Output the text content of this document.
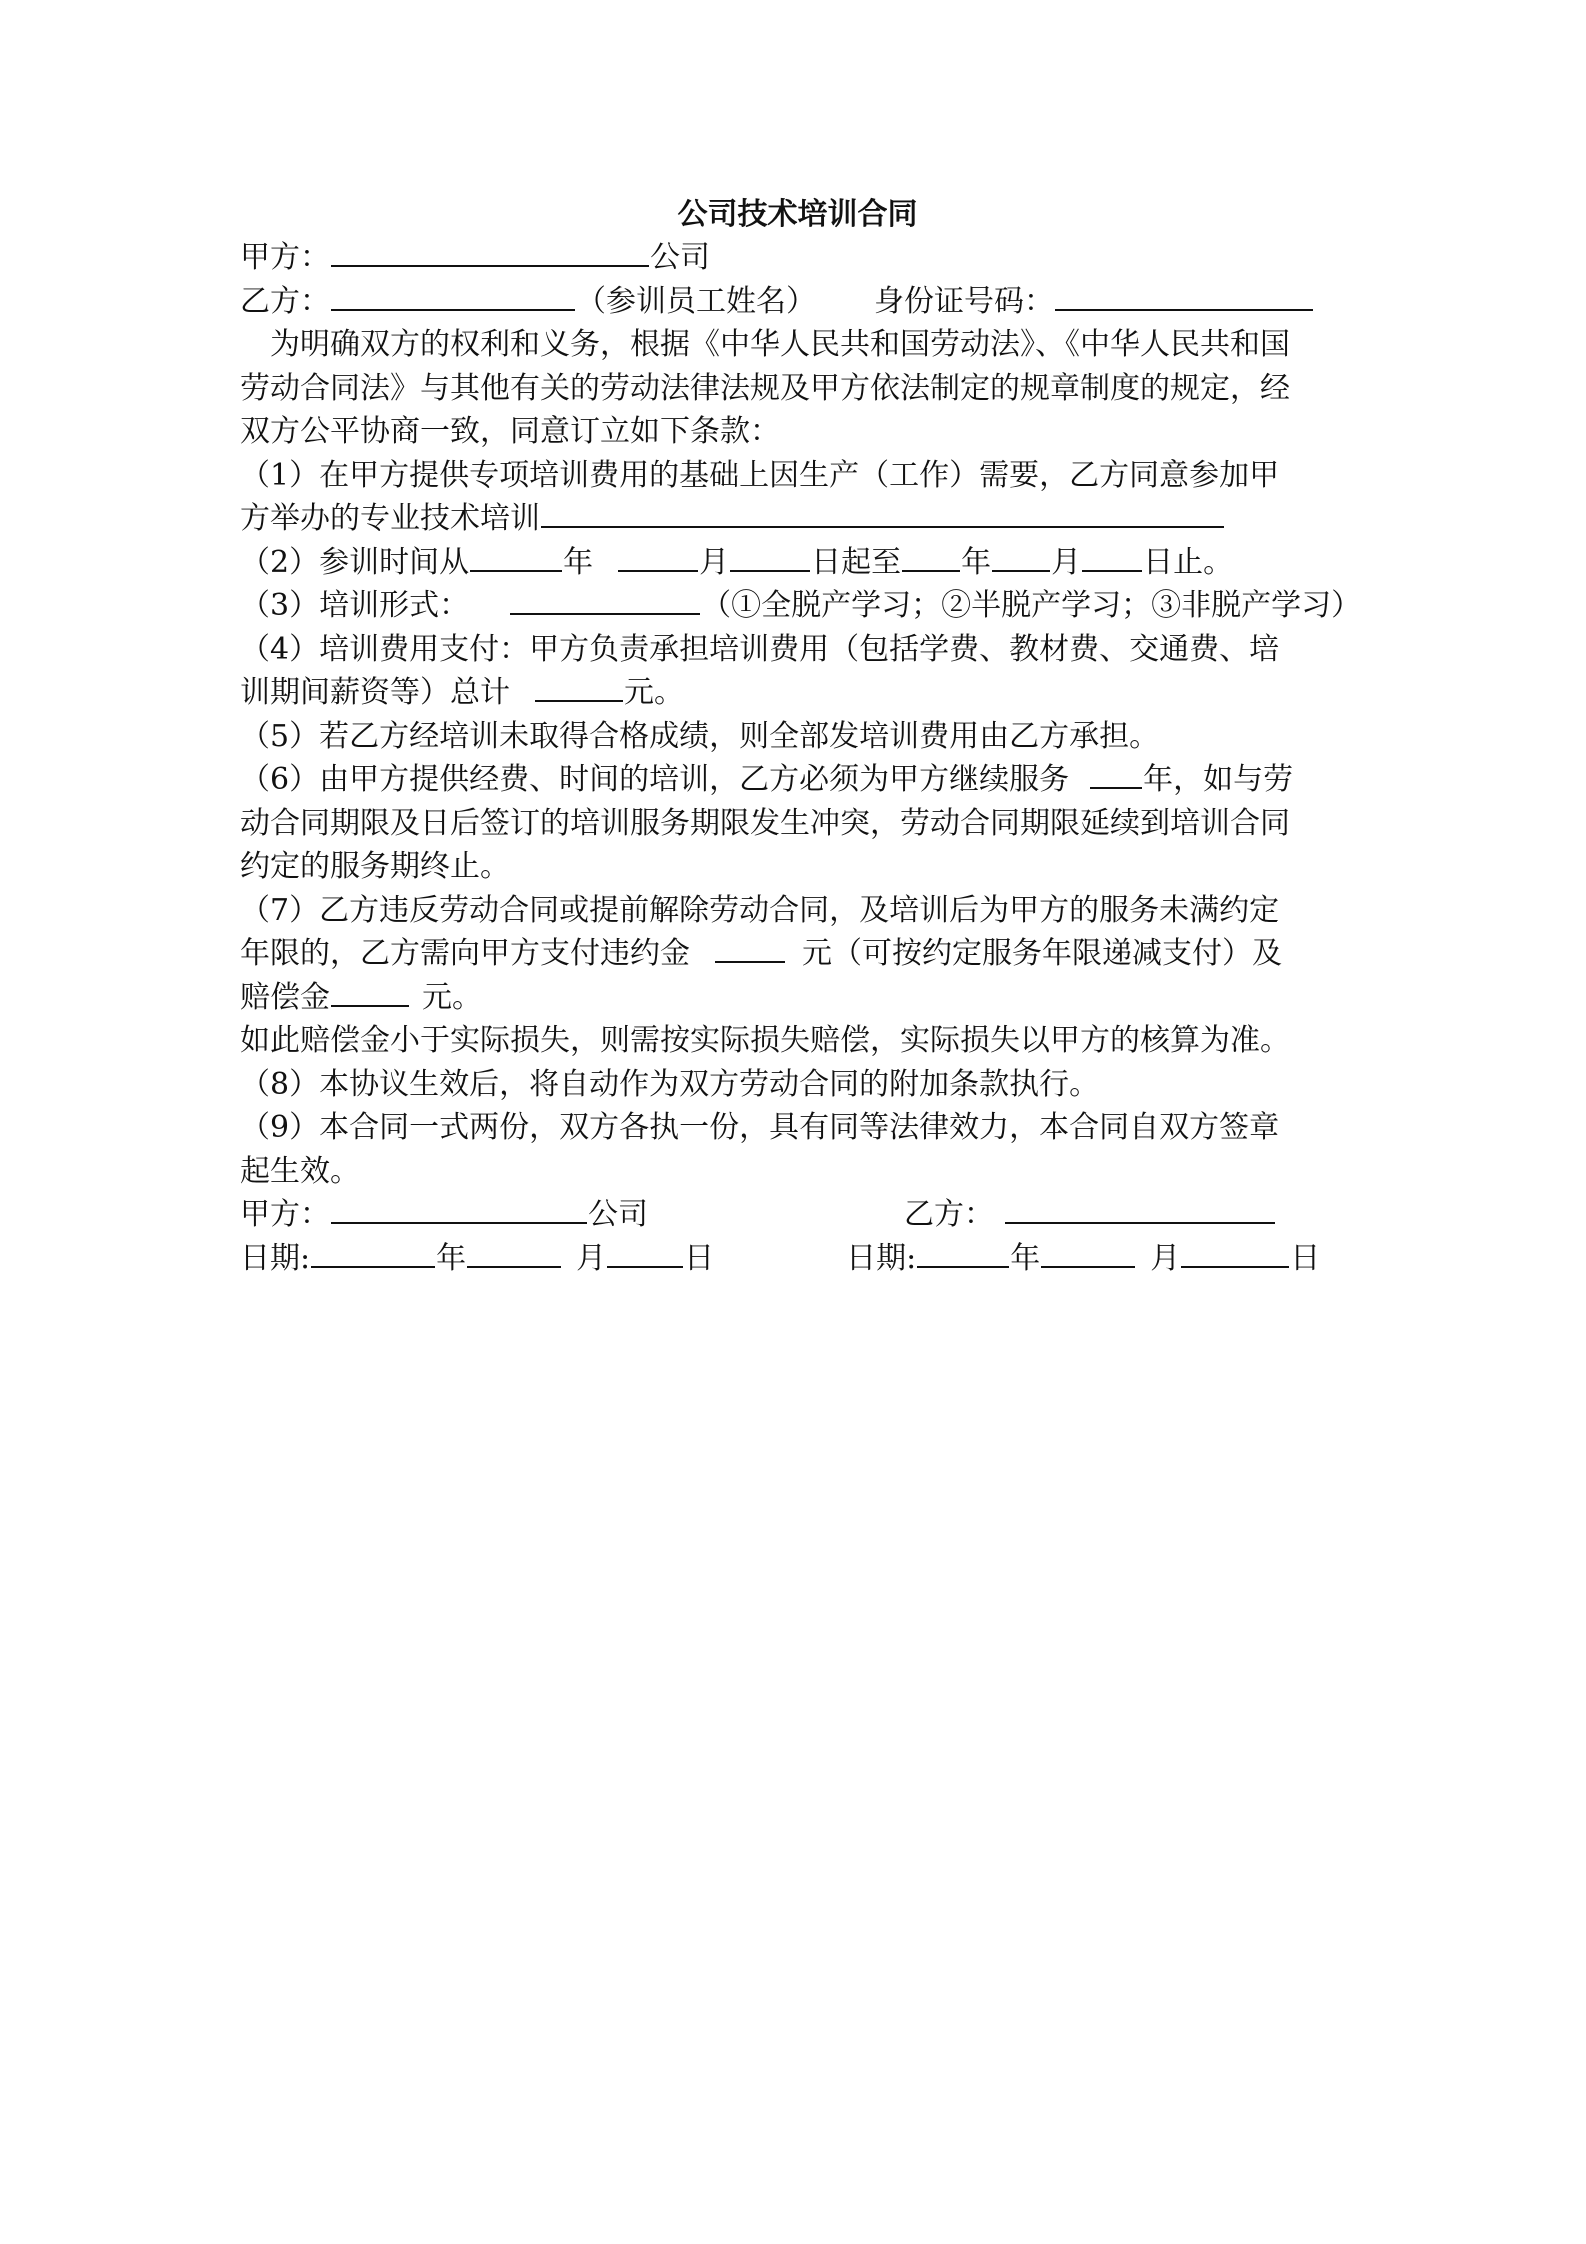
公司技术培训合同
甲方：	公司
乙方：	（参训员工姓名） 身份证号码：
为明确双方的权利和义务，根据《中华人民共和国劳动法》、《中华人民共和国
劳动合同法》与其他有关的劳动法律法规及甲方依法制定的规章制度的规定，经
双方公平协商一致，同意订立如下条款：
（1）在甲方提供专项培训费用的基础上因生产（工作）需要，乙方同意参加甲
方举办的专业技术培训
（2）参训时间从	年	月	日起至 年 月 日止。
（3）培训形式：	（①全脱产学习；②半脱产学习；③非脱产学习）
（4）培训费用支付：甲方负责承担培训费用（包括学费、教材费、交通费、培
训期间薪资等）总计	元。
（5）若乙方经培训未取得合格成绩，则全部发培训费用由乙方承担。
（6）由甲方提供经费、时间的培训，乙方必须为甲方继续服务 年，如与劳
动合同期限及日后签订的培训服务期限发生冲突，劳动合同期限延续到培训合同
约定的服务期终止。
（7）乙方违反劳动合同或提前解除劳动合同，及培训后为甲方的服务未满约定
年限的，乙方需向甲方支付违约金	元（可按约定服务年限递减支付）及
赔偿金	元。
如此赔偿金小于实际损失，则需按实际损失赔偿，实际损失以甲方的核算为准。
（8）本协议生效后，将自动作为双方劳动合同的附加条款执行。
（9）本合同一式两份，双方各执一份，具有同等法律效力，本合同自双方签章
起生效。
甲方：	公司	乙方：
日期:	年	月	日	日期:	年	月	日
